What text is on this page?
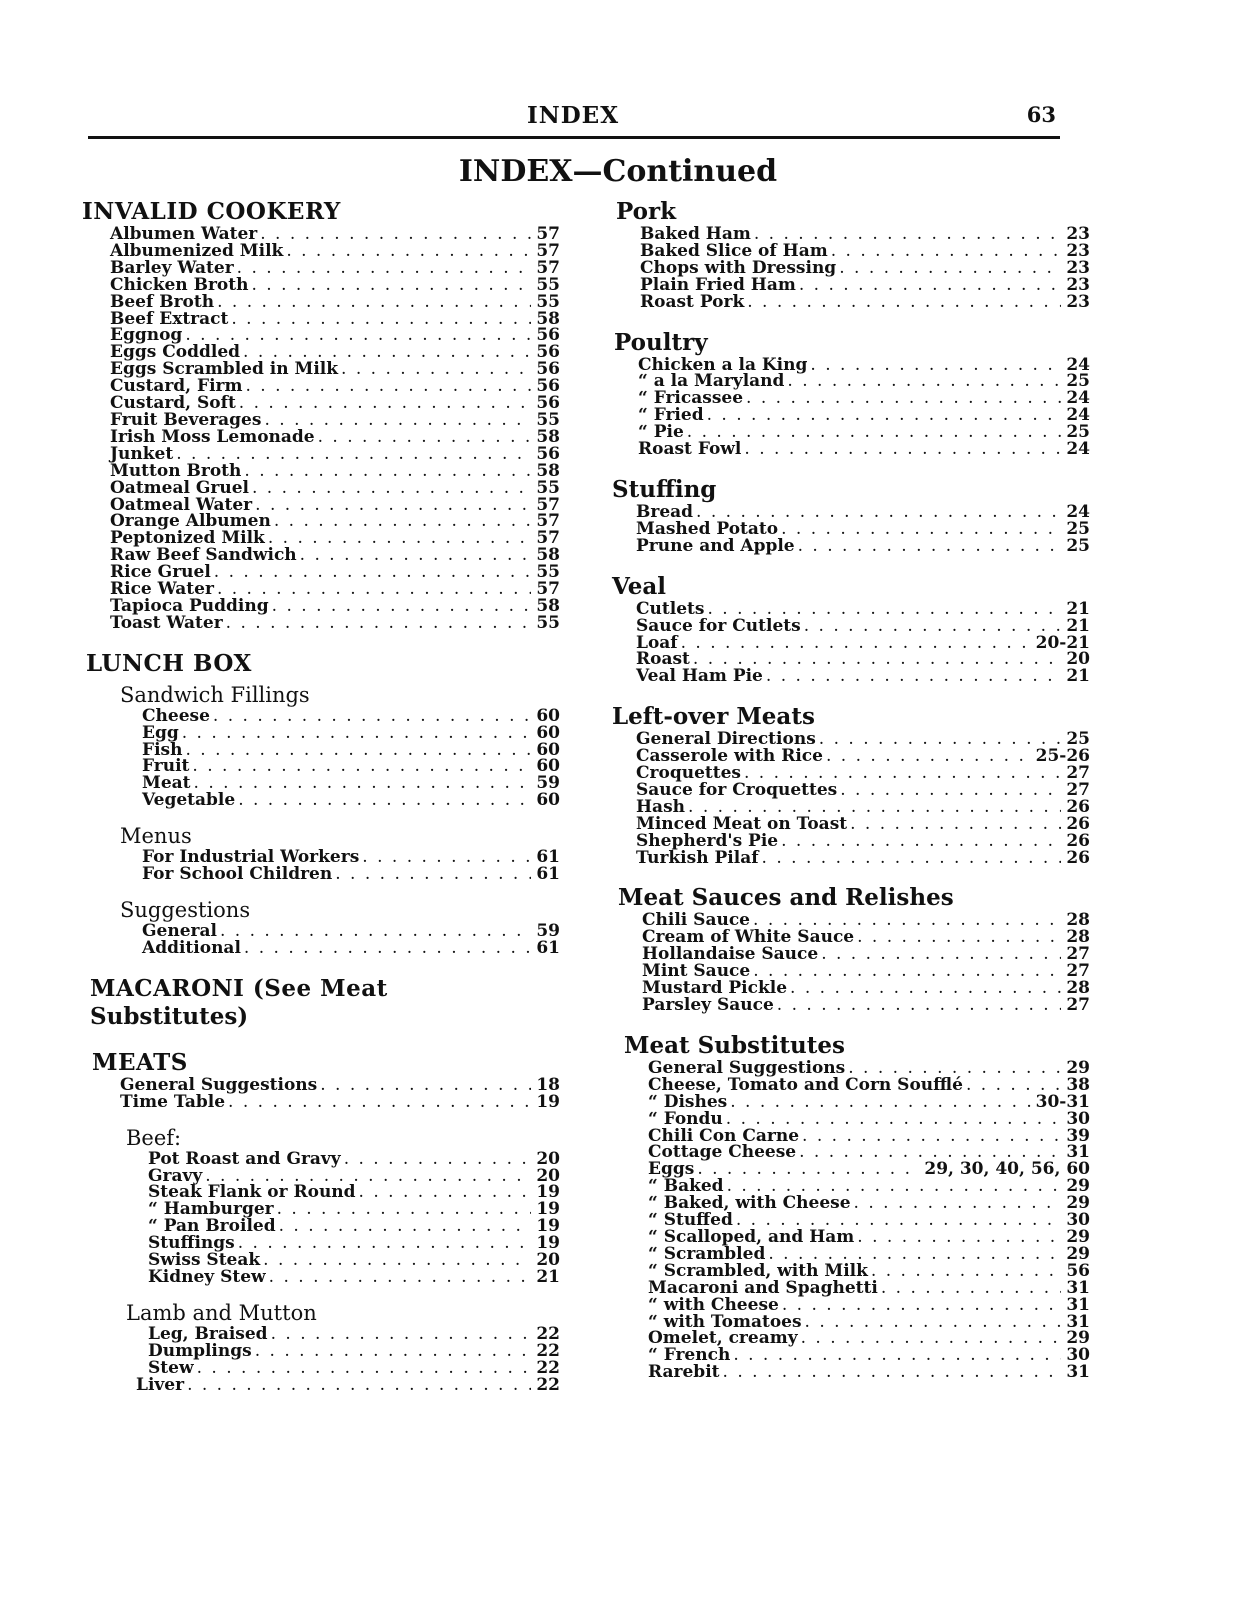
INDEX	63
INDEX—Continued
INVALID COOKERY
Albumen Water . . .	57
Albumenized Milk . . .	57
Barley Water . . .	57
Chicken Broth . . .	55
Beef Broth . . .	55
Beef Extract . . .	58
Eggnog . . .	56
Eggs Coddled . . .	56
Eggs Scrambled in Milk . . .	56
Custard, Firm . . .	56
Custard, Soft . . .	56
Fruit Beverages . . .	55
Irish Moss Lemonade . . .	58
Junket . . .	56
Mutton Broth . . .	58
Oatmeal Gruel . . .	55
Oatmeal Water . . .	57
Orange Albumen . . .	57
Peptonized Milk . . .	57
Raw Beef Sandwich . . .	58
Rice Gruel . . .	55
Rice Water . . .	57
Tapioca Pudding . . .	58
Toast Water . . .	55
LUNCH BOX
Sandwich Fillings
Cheese . . .	60
Egg . . .	60
Fish . . .	60
Fruit . . .	60
Meat . . .	59
Vegetable . . .	60
Menus
For Industrial Workers . . .	61
For School Children . . .	61
Suggestions
General . . .	59
Additional . . .	61
MACARONI (See Meat
Substitutes)
MEATS
General Suggestions . . .	18
Time Table . . .	19
Beef:
Pot Roast and Gravy . . .	20
Gravy . . .	20
Steak Flank or Round . . .	19
“ Hamburger . . .	19
“ Pan Broiled . . .	19
Stuffings . . .	19
Swiss Steak . . .	20
Kidney Stew . . .	21
Lamb and Mutton
Leg, Braised . . .	22
Dumplings . . .	22
Stew . . .	22
Liver . . .	22
Pork
Baked Ham . . .	23
Baked Slice of Ham . . .	23
Chops with Dressing . . .	23
Plain Fried Ham . . .	23
Roast Pork . . .	23
Poultry
Chicken a la King . . .	24
“ a la Maryland . . .	25
“ Fricassee . . .	24
“ Fried . . .	24
“ Pie . . .	25
Roast Fowl . . .	24
Stuffing
Bread . . .	24
Mashed Potato . . .	25
Prune and Apple . . .	25
Veal
Cutlets . . .	21
Sauce for Cutlets . . .	21
Loaf . . .	20-21
Roast . . .	20
Veal Ham Pie . . .	21
Left-over Meats
General Directions . . .	25
Casserole with Rice . . .	25-26
Croquettes . . .	27
Sauce for Croquettes . . .	27
Hash . . .	26
Minced Meat on Toast . . .	26
Shepherd's Pie . . .	26
Turkish Pilaf . . .	26
Meat Sauces and Relishes
Chili Sauce . . .	28
Cream of White Sauce . . .	28
Hollandaise Sauce . . .	27
Mint Sauce . . .	27
Mustard Pickle . . .	28
Parsley Sauce . . .	27
Meat Substitutes
General Suggestions . . .	29
Cheese, Tomato and Corn Soufflé . . .	38
“ Dishes . . .	30-31
“ Fondu . . .	30
Chili Con Carne . . .	39
Cottage Cheese . . .	31
Eggs . . .	29, 30, 40, 56, 60
“ Baked . . .	29
“ Baked, with Cheese . . .	29
“ Stuffed . . .	30
“ Scalloped, and Ham . . .	29
“ Scrambled . . .	29
“ Scrambled, with Milk . . .	56
Macaroni and Spaghetti . . .	31
“ with Cheese . . .	31
“ with Tomatoes . . .	31
Omelet, creamy . . .	29
“ French . . .	30
Rarebit . . .	31
